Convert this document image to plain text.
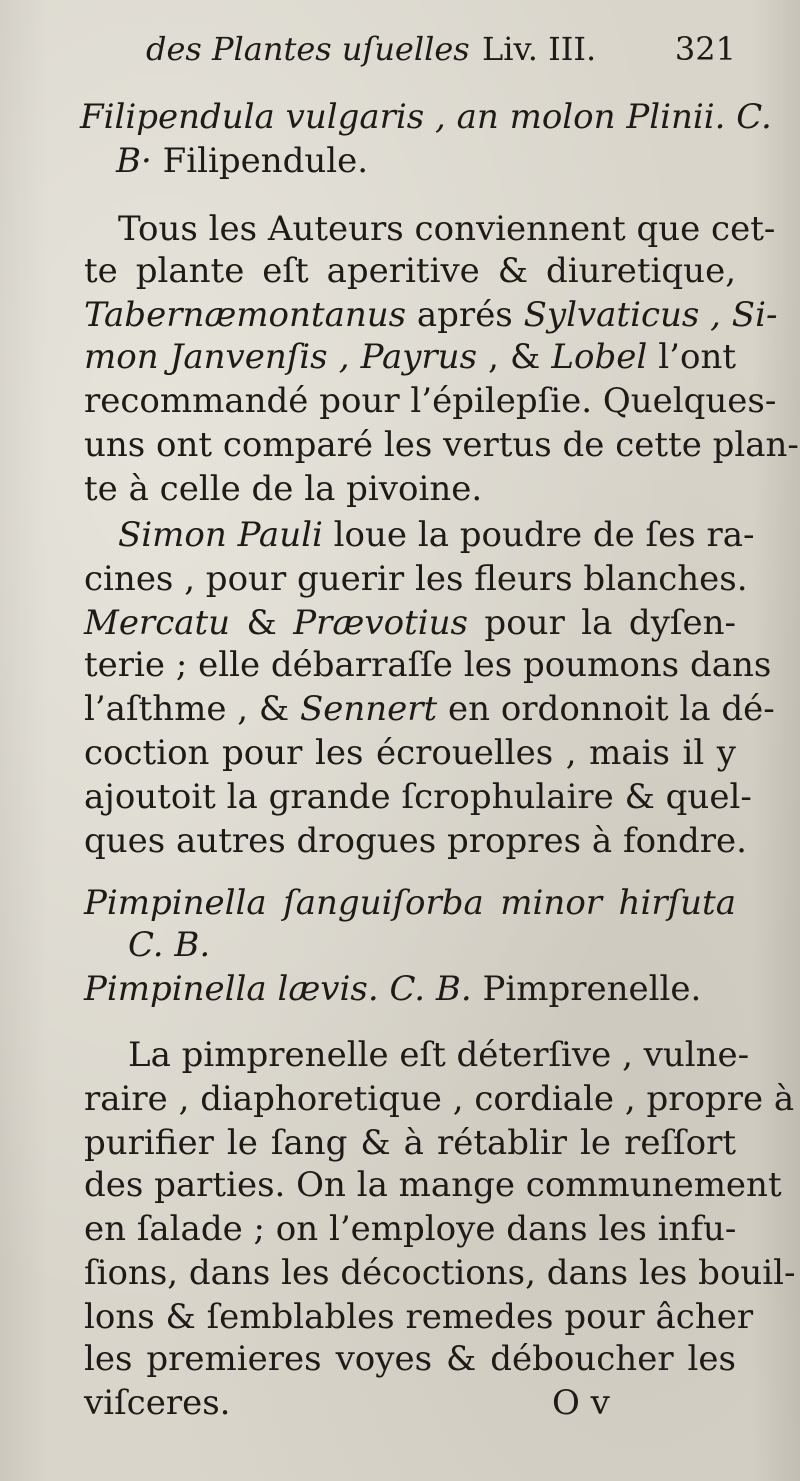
des Plantes uſuelles Liv. III. 321
Filipendula vulgaris , an molon Plinii. C.
B· Filipendule.
Tous les Auteurs conviennent que cet-
te plante eſt aperitive & diuretique,
Tabernæmontanus aprés Sylvaticus , Si-
mon Janvenſis , Payrus , & Lobel l’ont
recommandé pour l’épilepſie. Quelques-
uns ont comparé les vertus de cette plan-
te à celle de la pivoine.
Simon Pauli loue la poudre de ſes ra-
cines , pour guerir les fleurs blanches.
Mercatu & Prævotius pour la dyſen-
terie ; elle débarraſſe les poumons dans
l’aſthme , & Sennert en ordonnoit la dé-
coction pour les écrouelles , mais il y
ajoutoit la grande ſcrophulaire & quel-
ques autres drogues propres à fondre.
Pimpinella ſanguiſorba minor hirſuta
C. B.
Pimpinella lævis. C. B. Pimprenelle.
La pimprenelle eſt déterſive , vulne-
raire , diaphoretique , cordiale , propre à
purifier le ſang & à rétablir le reſſort
des parties. On la mange communement
en ſalade ; on l’employe dans les infu-
ſions, dans les décoctions, dans les bouil-
lons & ſemblables remedes pour âcher
les premieres voyes & déboucher les
viſceres.	O v
